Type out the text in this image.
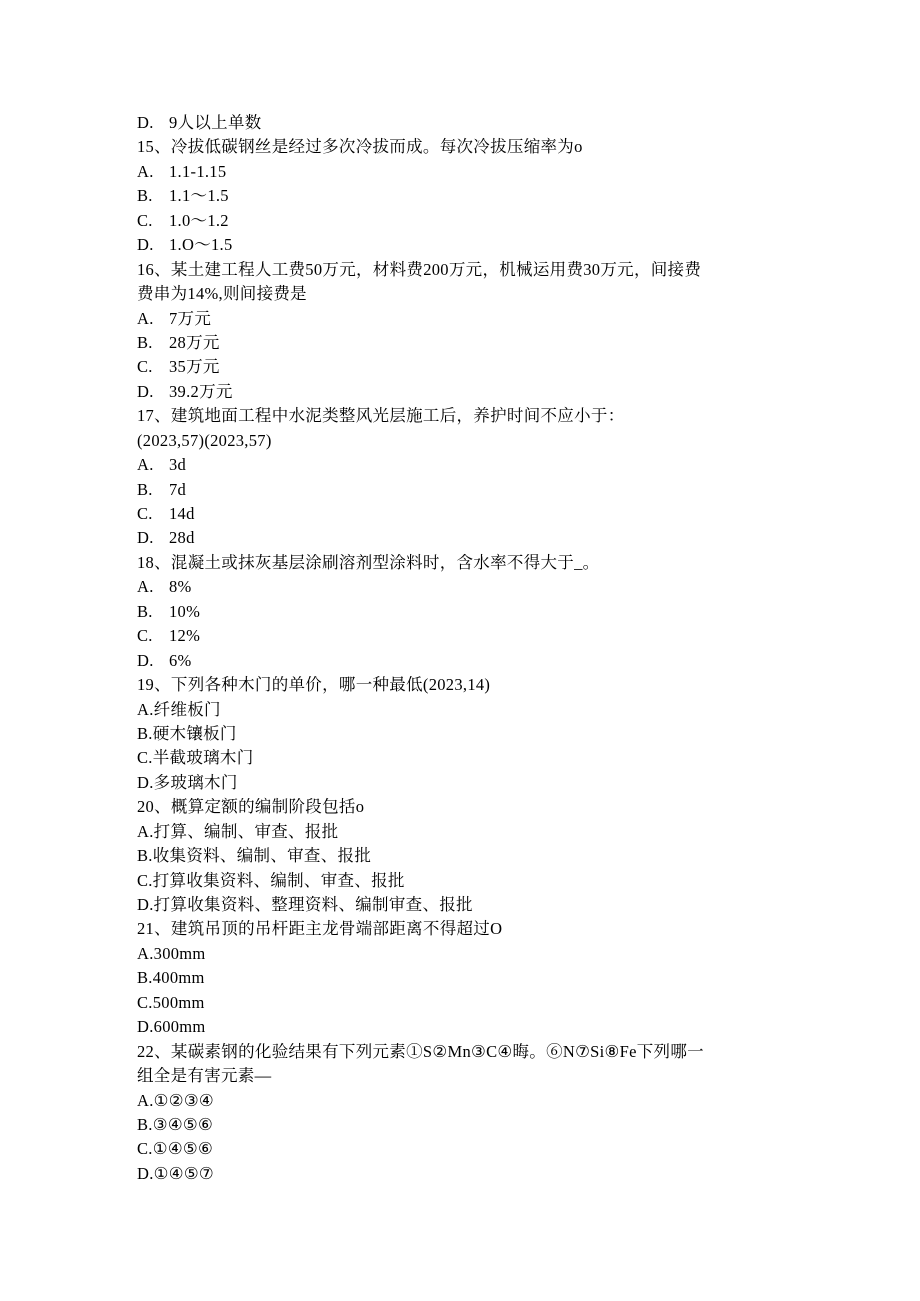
D. 9人以上单数
15、冷拔低碳钢丝是经过多次冷拔而成。每次冷拔压缩率为o
A. 1.1-1.15
B. 1.1～1.5
C. 1.0～1.2
D. 1.O～1.5
16、某土建工程人工费50万元，材料费200万元，机械运用费30万元，间接费
费串为14%,则间接费是
A. 7万元
B. 28万元
C. 35万元
D. 39.2万元
17、建筑地面工程中水泥类整风光层施工后，养护时间不应小于：
(2023,57)(2023,57)
A. 3d
B. 7d
C. 14d
D. 28d
18、混凝土或抹灰基层涂刷溶剂型涂料时，含水率不得大于_。
A. 8%
B. 10%
C. 12%
D. 6%
19、下列各种木门的单价，哪一种最低(2023,14)
A.纤维板门
B.硬木镶板门
C.半截玻璃木门
D.多玻璃木门
20、概算定额的编制阶段包括o
A.打算、编制、审查、报批
B.收集资料、编制、审查、报批
C.打算收集资料、编制、审查、报批
D.打算收集资料、整理资料、编制审查、报批
21、建筑吊顶的吊杆距主龙骨端部距离不得超过O
A.300mm
B.400mm
C.500mm
D.600mm
22、某碳素钢的化验结果有下列元素①S②Mn③C④晦。⑥N⑦Si⑧Fe下列哪一
组全是有害元素—
A.①②③④
B.③④⑤⑥
C.①④⑤⑥
D.①④⑤⑦
